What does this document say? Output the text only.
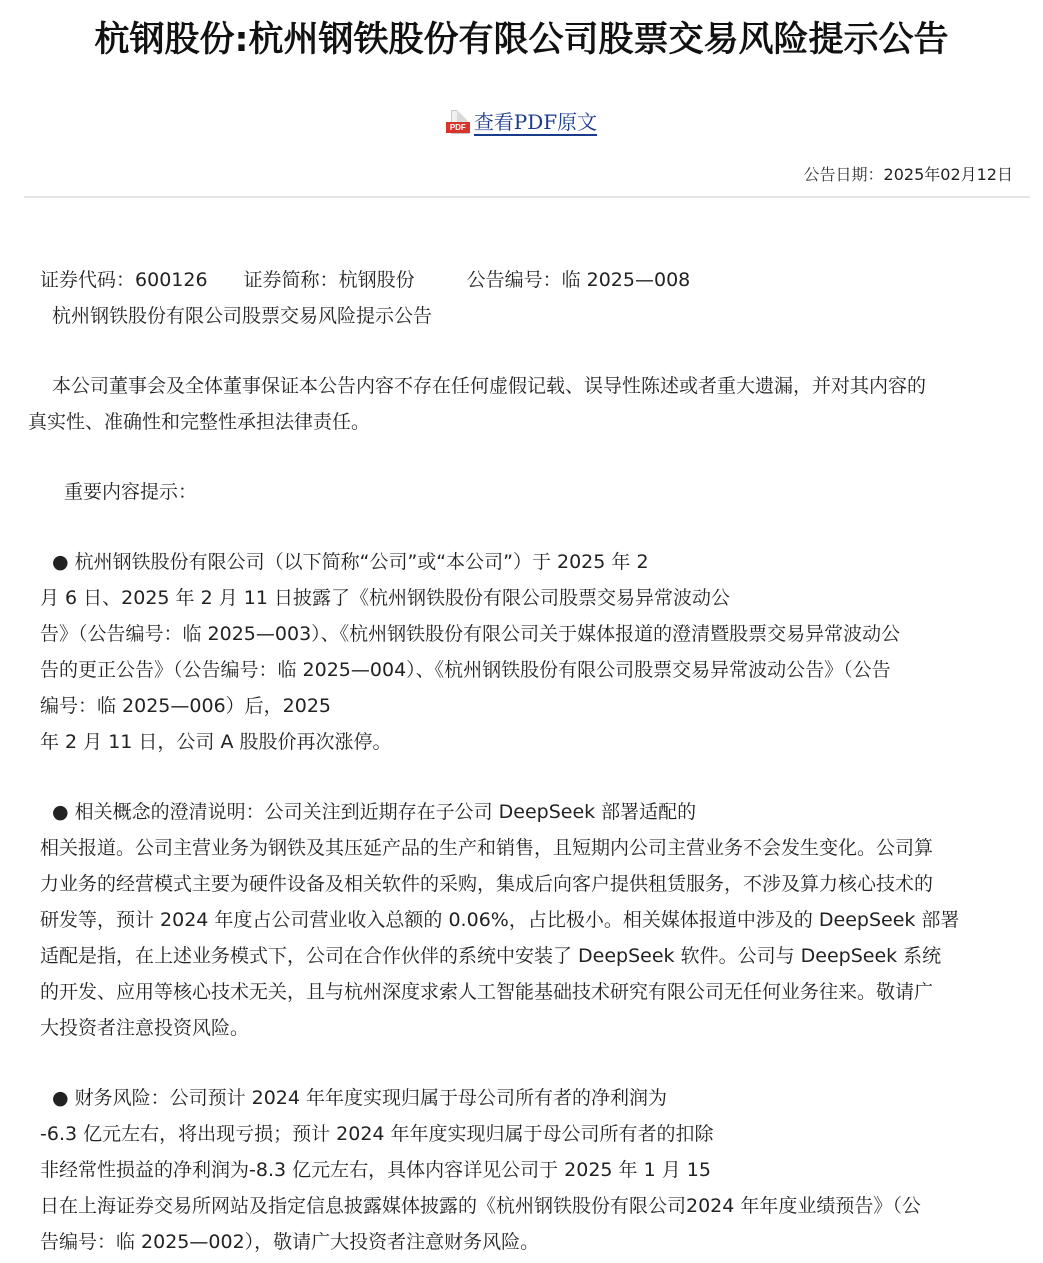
杭钢股份:杭州钢铁股份有限公司股票交易风险提示公告
PDF 查看PDF原文
公告日期：2025年02月12日
证券代码：600126 证券简称：杭钢股份	公告编号：临 2025—008
杭州钢铁股份有限公司股票交易风险提示公告
本公司董事会及全体董事保证本公告内容不存在任何虚假记载、误导性陈述或者重大遗漏，并对其内容的
真实性、准确性和完整性承担法律责任。
重要内容提示：
● 杭州钢铁股份有限公司（以下简称“公司”或“本公司”）于 2025 年 2
月 6 日、2025 年 2 月 11 日披露了《杭州钢铁股份有限公司股票交易异常波动公
告》（公告编号：临 2025—003）、《杭州钢铁股份有限公司关于媒体报道的澄清暨股票交易异常波动公
告的更正公告》（公告编号：临 2025—004）、《杭州钢铁股份有限公司股票交易异常波动公告》（公告
编号：临 2025—006）后，2025
年 2 月 11 日，公司 A 股股价再次涨停。
● 相关概念的澄清说明：公司关注到近期存在子公司 DeepSeek 部署适配的
相关报道。公司主营业务为钢铁及其压延产品的生产和销售，且短期内公司主营业务不会发生变化。公司算
力业务的经营模式主要为硬件设备及相关软件的采购，集成后向客户提供租赁服务，不涉及算力核心技术的
研发等，预计 2024 年度占公司营业收入总额的 0.06%，占比极小。相关媒体报道中涉及的 DeepSeek 部署
适配是指，在上述业务模式下，公司在合作伙伴的系统中安装了 DeepSeek 软件。公司与 DeepSeek 系统
的开发、应用等核心技术无关，且与杭州深度求索人工智能基础技术研究有限公司无任何业务往来。敬请广
大投资者注意投资风险。
● 财务风险：公司预计 2024 年年度实现归属于母公司所有者的净利润为
-6.3 亿元左右，将出现亏损；预计 2024 年年度实现归属于母公司所有者的扣除
非经常性损益的净利润为-8.3 亿元左右，具体内容详见公司于 2025 年 1 月 15
日在上海证券交易所网站及指定信息披露媒体披露的《杭州钢铁股份有限公司2024 年年度业绩预告》（公
告编号：临 2025—002），敬请广大投资者注意财务风险。
